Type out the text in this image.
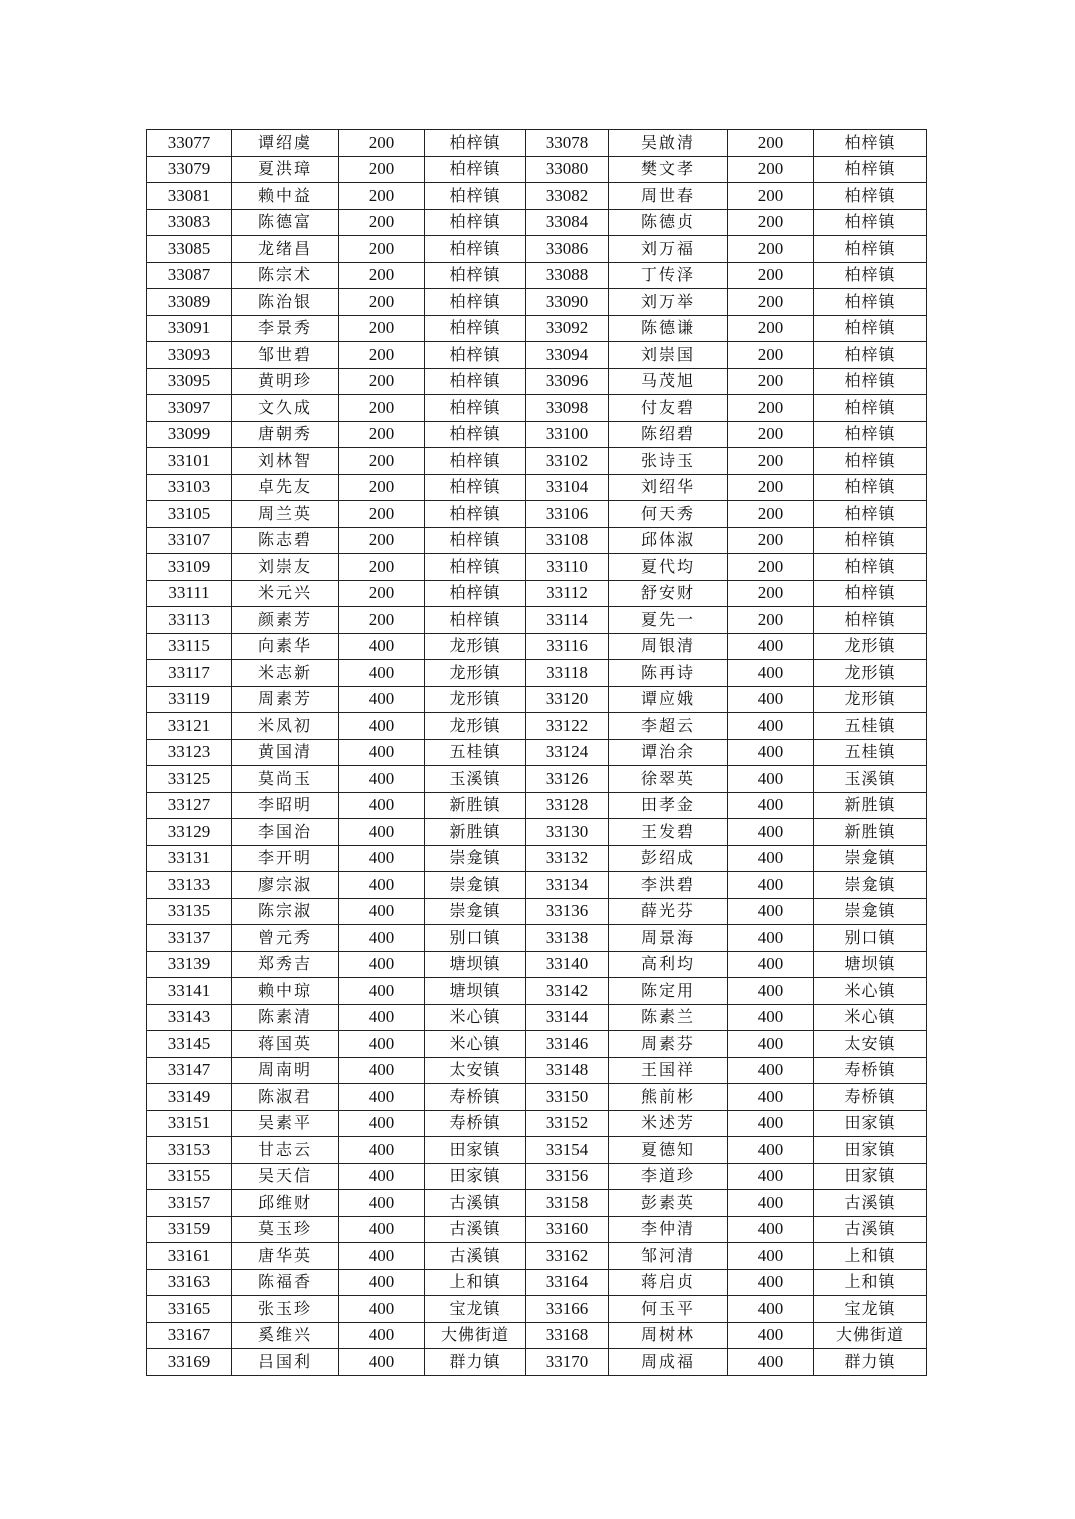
33077	谭绍虞	200	柏梓镇	33078	吴啟清	200	柏梓镇
33079	夏洪璋	200	柏梓镇	33080	樊文孝	200	柏梓镇
33081	赖中益	200	柏梓镇	33082	周世春	200	柏梓镇
33083	陈德富	200	柏梓镇	33084	陈德贞	200	柏梓镇
33085	龙绪昌	200	柏梓镇	33086	刘万福	200	柏梓镇
33087	陈宗术	200	柏梓镇	33088	丁传泽	200	柏梓镇
33089	陈治银	200	柏梓镇	33090	刘万举	200	柏梓镇
33091	李景秀	200	柏梓镇	33092	陈德谦	200	柏梓镇
33093	邹世碧	200	柏梓镇	33094	刘崇国	200	柏梓镇
33095	黄明珍	200	柏梓镇	33096	马茂旭	200	柏梓镇
33097	文久成	200	柏梓镇	33098	付友碧	200	柏梓镇
33099	唐朝秀	200	柏梓镇	33100	陈绍碧	200	柏梓镇
33101	刘林智	200	柏梓镇	33102	张诗玉	200	柏梓镇
33103	卓先友	200	柏梓镇	33104	刘绍华	200	柏梓镇
33105	周兰英	200	柏梓镇	33106	何天秀	200	柏梓镇
33107	陈志碧	200	柏梓镇	33108	邱体淑	200	柏梓镇
33109	刘崇友	200	柏梓镇	33110	夏代均	200	柏梓镇
33111	米元兴	200	柏梓镇	33112	舒安财	200	柏梓镇
33113	颜素芳	200	柏梓镇	33114	夏先一	200	柏梓镇
33115	向素华	400	龙形镇	33116	周银清	400	龙形镇
33117	米志新	400	龙形镇	33118	陈再诗	400	龙形镇
33119	周素芳	400	龙形镇	33120	谭应娥	400	龙形镇
33121	米凤初	400	龙形镇	33122	李超云	400	五桂镇
33123	黄国清	400	五桂镇	33124	谭治余	400	五桂镇
33125	莫尚玉	400	玉溪镇	33126	徐翠英	400	玉溪镇
33127	李昭明	400	新胜镇	33128	田孝金	400	新胜镇
33129	李国治	400	新胜镇	33130	王发碧	400	新胜镇
33131	李开明	400	崇龛镇	33132	彭绍成	400	崇龛镇
33133	廖宗淑	400	崇龛镇	33134	李洪碧	400	崇龛镇
33135	陈宗淑	400	崇龛镇	33136	薛光芬	400	崇龛镇
33137	曾元秀	400	别口镇	33138	周景海	400	别口镇
33139	郑秀吉	400	塘坝镇	33140	高利均	400	塘坝镇
33141	赖中琼	400	塘坝镇	33142	陈定用	400	米心镇
33143	陈素清	400	米心镇	33144	陈素兰	400	米心镇
33145	蒋国英	400	米心镇	33146	周素芬	400	太安镇
33147	周南明	400	太安镇	33148	王国祥	400	寿桥镇
33149	陈淑君	400	寿桥镇	33150	熊前彬	400	寿桥镇
33151	吴素平	400	寿桥镇	33152	米述芳	400	田家镇
33153	甘志云	400	田家镇	33154	夏德知	400	田家镇
33155	吴天信	400	田家镇	33156	李道珍	400	田家镇
33157	邱维财	400	古溪镇	33158	彭素英	400	古溪镇
33159	莫玉珍	400	古溪镇	33160	李仲清	400	古溪镇
33161	唐华英	400	古溪镇	33162	邹河清	400	上和镇
33163	陈福香	400	上和镇	33164	蒋启贞	400	上和镇
33165	张玉珍	400	宝龙镇	33166	何玉平	400	宝龙镇
33167	奚维兴	400	大佛街道	33168	周树林	400	大佛街道
33169	吕国利	400	群力镇	33170	周成福	400	群力镇
